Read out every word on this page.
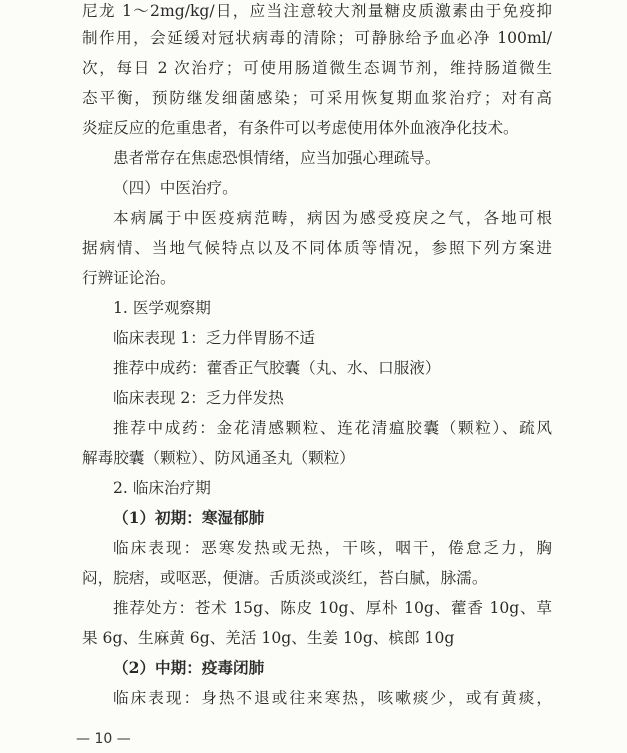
尼龙 1～2mg/kg/日，应当注意较大剂量糖皮质激素由于免疫抑
制作用，会延缓对冠状病毒的清除；可静脉给予血必净 100ml/
次，每日 2 次治疗；可使用肠道微生态调节剂，维持肠道微生
态平衡，预防继发细菌感染；可采用恢复期血浆治疗；对有高
炎症反应的危重患者，有条件可以考虑使用体外血液净化技术。
患者常存在焦虑恐惧情绪，应当加强心理疏导。
（四）中医治疗。
本病属于中医疫病范畴，病因为感受疫戾之气，各地可根
据病情、当地气候特点以及不同体质等情况，参照下列方案进
行辨证论治。
1. 医学观察期
临床表现 1：乏力伴胃肠不适
推荐中成药：藿香正气胶囊（丸、水、口服液）
临床表现 2：乏力伴发热
推荐中成药：金花清感颗粒、连花清瘟胶囊（颗粒）、疏风
解毒胶囊（颗粒）、防风通圣丸（颗粒）
2. 临床治疗期
（1）初期：寒湿郁肺
临床表现：恶寒发热或无热，干咳，咽干，倦怠乏力，胸
闷，脘痞，或呕恶，便溏。舌质淡或淡红，苔白腻，脉濡。
推荐处方：苍术 15g、陈皮 10g、厚朴 10g、藿香 10g、草
果 6g、生麻黄 6g、羌活 10g、生姜 10g、槟郎 10g
（2）中期：疫毒闭肺
临床表现：身热不退或往来寒热，咳嗽痰少，或有黄痰，
— 10 —
